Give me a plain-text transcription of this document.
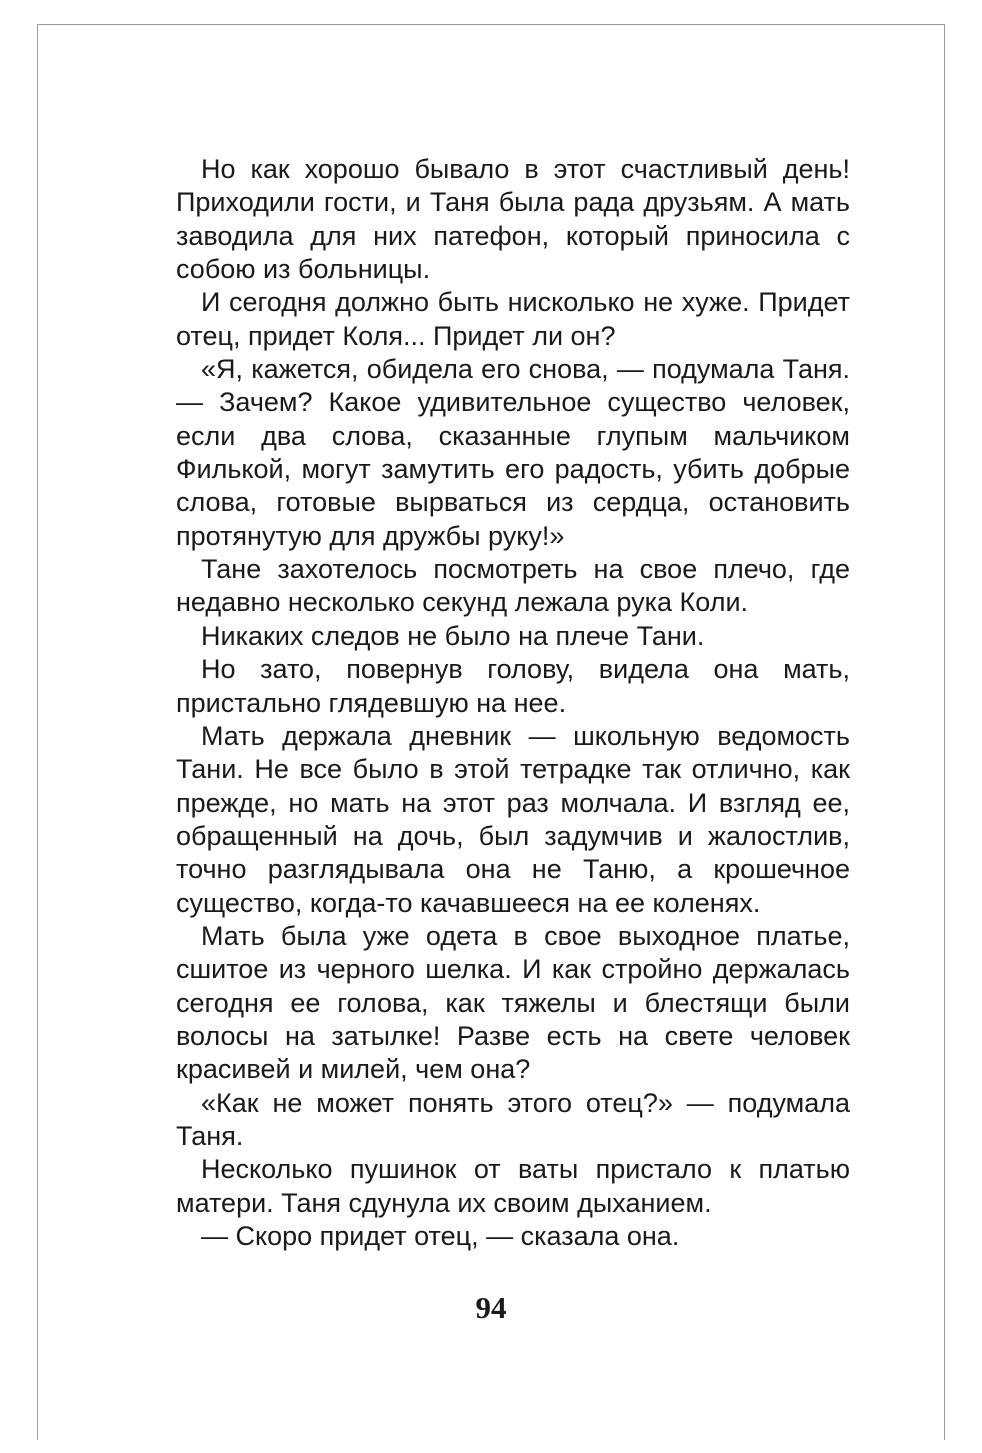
Но как хорошо бывало в этот счастливый день! Приходили гости, и Таня была рада друзьям. А мать заводила для них патефон, который приносила с собою из больницы.

И сегодня должно быть нисколько не хуже. Придет отец, придет Коля... Придет ли он?

«Я, кажется, обидела его снова, — подумала Таня. — Зачем? Какое удивительное существо человек, если два слова, сказанные глупым мальчиком Филькой, могут замутить его радость, убить добрые слова, готовые вырваться из сердца, остановить протянутую для дружбы руку!»

Тане захотелось посмотреть на свое плечо, где недавно несколько секунд лежала рука Коли.

Никаких следов не было на плече Тани.

Но зато, повернув голову, видела она мать, пристально глядевшую на нее.

Мать держала дневник — школьную ведомость Тани. Не все было в этой тетрадке так отлично, как прежде, но мать на этот раз молчала. И взгляд ее, обращенный на дочь, был задумчив и жалостлив, точно разглядывала она не Таню, а крошечное существо, когда-то качавшееся на ее коленях.

Мать была уже одета в свое выходное платье, сшитое из черного шелка. И как стройно держалась сегодня ее голова, как тяжелы и блестящи были волосы на затылке! Разве есть на свете человек красивей и милей, чем она?

«Как не может понять этого отец?» — подумала Таня.

Несколько пушинок от ваты пристало к платью матери. Таня сдунула их своим дыханием.

— Скоро придет отец, — сказала она.

94
